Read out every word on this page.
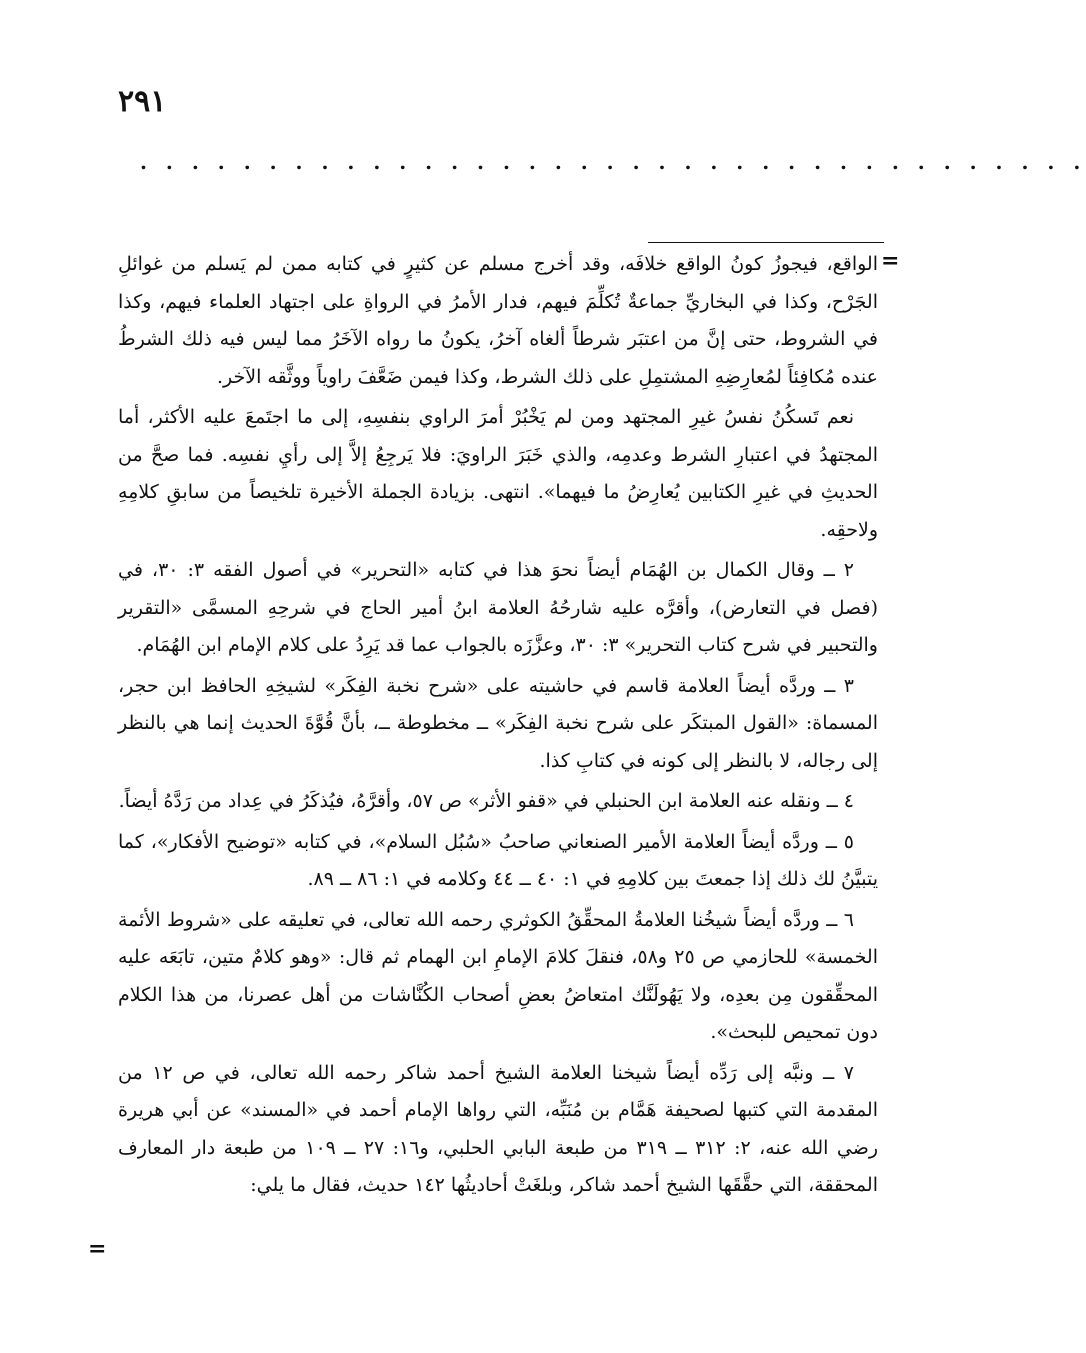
٢٩١
. . . . . . . . . . . . . . . . . . . . . . . . . . . . . . . . . . . . .
=

الواقع، فيجوزُ كونُ الواقع خلافَه، وقد أخرج مسلم عن كثيرٍ في كتابه ممن لم يَسلم من غوائلِ الجَرْح، وكذا في البخاريِّ جماعةٌ تُكلِّمَ فيهم، فدار الأمرُ في الرواةِ على اجتهاد العلماء فيهم، وكذا في الشروط، حتى إنَّ من اعتبَر شرطاً ألغاه آخرُ، يكونُ ما رواه الآخَرُ مما ليس فيه ذلك الشرطُ عنده مُكافِئاً لمُعارِضِهِ المشتمِلِ على ذلك الشرط، وكذا فيمن ضَعَّفَ راوياً ووثَّقه الآخر.

نعم تَسكُنُ نفسُ غيرِ المجتهد ومن لم يَخْبُرْ أمرَ الراوي بنفسِهِ، إلى ما اجتَمعَ عليه الأكثر، أما المجتهدُ في اعتبارِ الشرط وعدمِه، والذي خَبَرَ الراويَ: فلا يَرجِعُ إلاَّ إلى رأيِ نفسِه. فما صحَّ من الحديثِ في غيرِ الكتابين يُعارِضُ ما فيهما». انتهى. بزيادة الجملة الأخيرة تلخيصاً من سابقِ كلامِهِ ولاحقِه.

٢ ــ وقال الكمال بن الهُمَام أيضاً نحوَ هذا في كتابه «التحرير» في أصول الفقه ٣: ٣٠، في (فصل في التعارض)، وأقرَّه عليه شارحُهُ العلامة ابنُ أمير الحاج في شرحِهِ المسمَّى «التقرير والتحبير في شرح كتاب التحرير» ٣: ٣٠، وعزَّزَه بالجواب عما قد يَرِدُ على كلام الإمام ابن الهُمَام.

٣ ــ وردَّه أيضاً العلامة قاسم في حاشيته على «شرح نخبة الفِكَر» لشيخِهِ الحافظ ابن حجر، المسماة: «القول المبتكَر على شرح نخبة الفِكَر» ــ مخطوطة ــ، بأنَّ قُوَّةَ الحديث إنما هي بالنظر إلى رجاله، لا بالنظر إلى كونه في كتابِ كذا.

٤ ــ ونقله عنه العلامة ابن الحنبلي في «قفو الأثر» ص ٥٧، وأقرَّهُ، فيُذكَرُ في عِداد من رَدَّهُ أيضاً.

٥ ــ وردَّه أيضاً العلامة الأمير الصنعاني صاحبُ «سُبُل السلام»، في كتابه «توضيح الأفكار»، كما يتبيَّنُ لك ذلك إذا جمعتَ بين كلامِهِ في ١: ٤٠ ــ ٤٤ وكلامه في ١: ٨٦ ــ ٨٩.

٦ ــ وردَّه أيضاً شيخُنا العلامةُ المحقِّقُ الكوثري رحمه الله تعالى، في تعليقه على «شروط الأئمة الخمسة» للحازمي ص ٢٥ و٥٨، فنقلَ كلامَ الإمامِ ابن الهمام ثم قال: «وهو كلامٌ متين، تابَعَه عليه المحقِّقون مِن بعدِه، ولا يَهُولَنَّك امتعاضُ بعضِ أصحاب الكُنَّاشات من أهل عصرنا، من هذا الكلام دون تمحيص للبحث».

٧ ــ ونبَّه إلى رَدِّه أيضاً شيخنا العلامة الشيخ أحمد شاكر رحمه الله تعالى، في ص ١٢ من المقدمة التي كتبها لصحيفة هَمَّام بن مُنَبِّه، التي رواها الإمام أحمد في «المسند» عن أبي هريرة رضي الله عنه، ٢: ٣١٢ ــ ٣١٩ من طبعة البابي الحلبي، و١٦: ٢٧ ــ ١٠٩ من طبعة دار المعارف المحققة، التي حقَّقَها الشيخ أحمد شاكر، وبلغَتْ أحاديثُها ١٤٢ حديث، فقال ما يلي:

=
